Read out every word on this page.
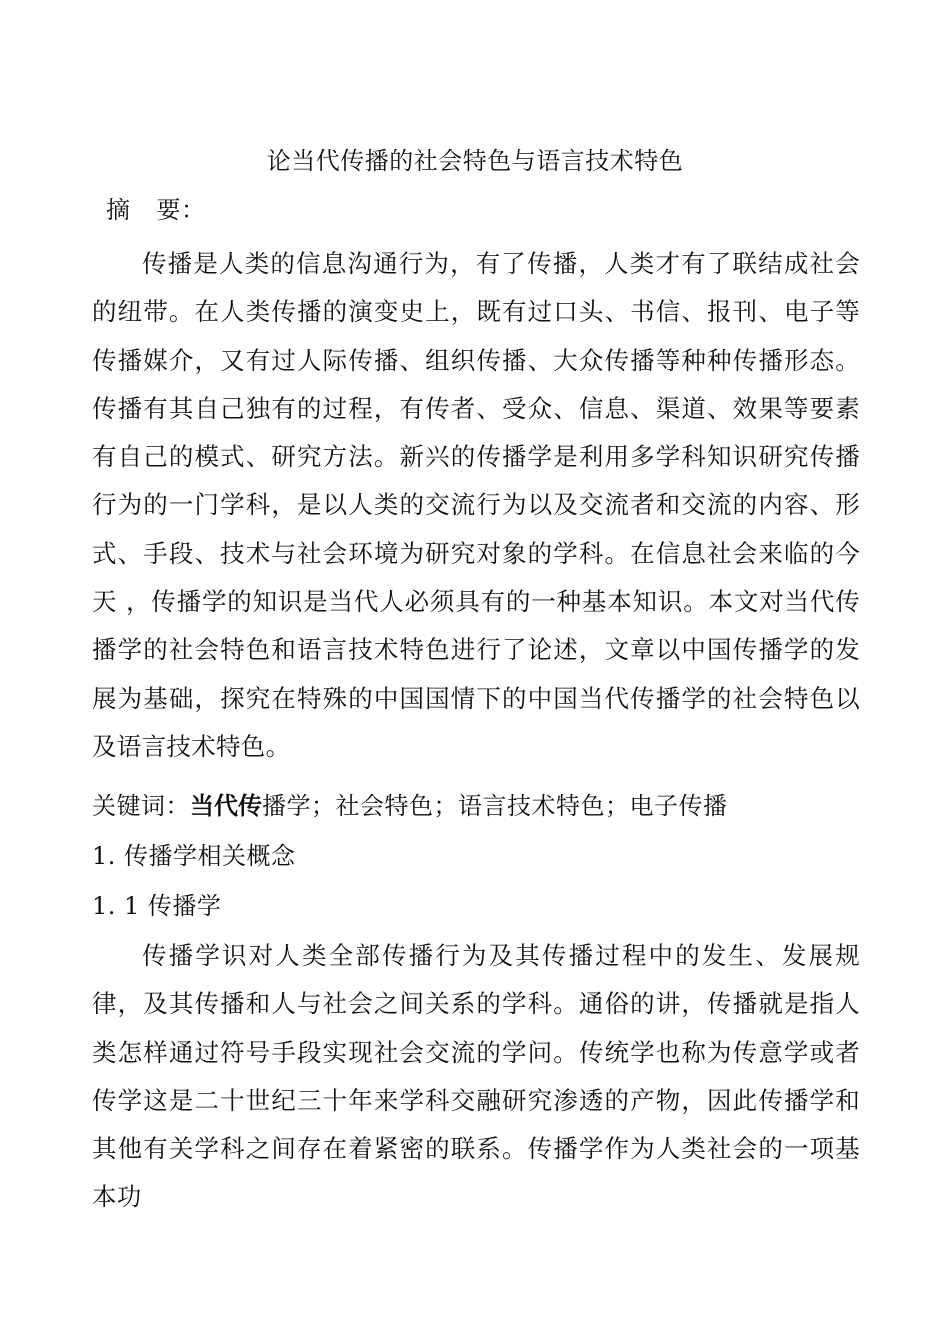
论当代传播的社会特色与语言技术特色
摘 要：

传播是人类的信息沟通行为，有了传播，人类才有了联结成社会的纽带。在人类传播的演变史上，既有过口头、书信、报刊、电子等传播媒介，又有过人际传播、组织传播、大众传播等种种传播形态。传播有其自己独有的过程，有传者、受众、信息、渠道、效果等要素有自己的模式、研究方法。新兴的传播学是利用多学科知识研究传播行为的一门学科，是以人类的交流行为以及交流者和交流的内容、形式、手段、技术与社会环境为研究对象的学科。在信息社会来临的今天 ，传播学的知识是当代人必须具有的一种基本知识。本文对当代传播学的社会特色和语言技术特色进行了论述，文章以中国传播学的发展为基础，探究在特殊的中国国情下的中国当代传播学的社会特色以及语言技术特色。

关键词：当代传播学；社会特色；语言技术特色；电子传播
1. 传播学相关概念
1. 1 传播学

传播学识对人类全部传播行为及其传播过程中的发生、发展规律，及其传播和人与社会之间关系的学科。通俗的讲，传播就是指人类怎样通过符号手段实现社会交流的学问。传统学也称为传意学或者传学这是二十世纪三十年来学科交融研究渗透的产物，因此传播学和其他有关学科之间存在着紧密的联系。传播学作为人类社会的一项基本功
